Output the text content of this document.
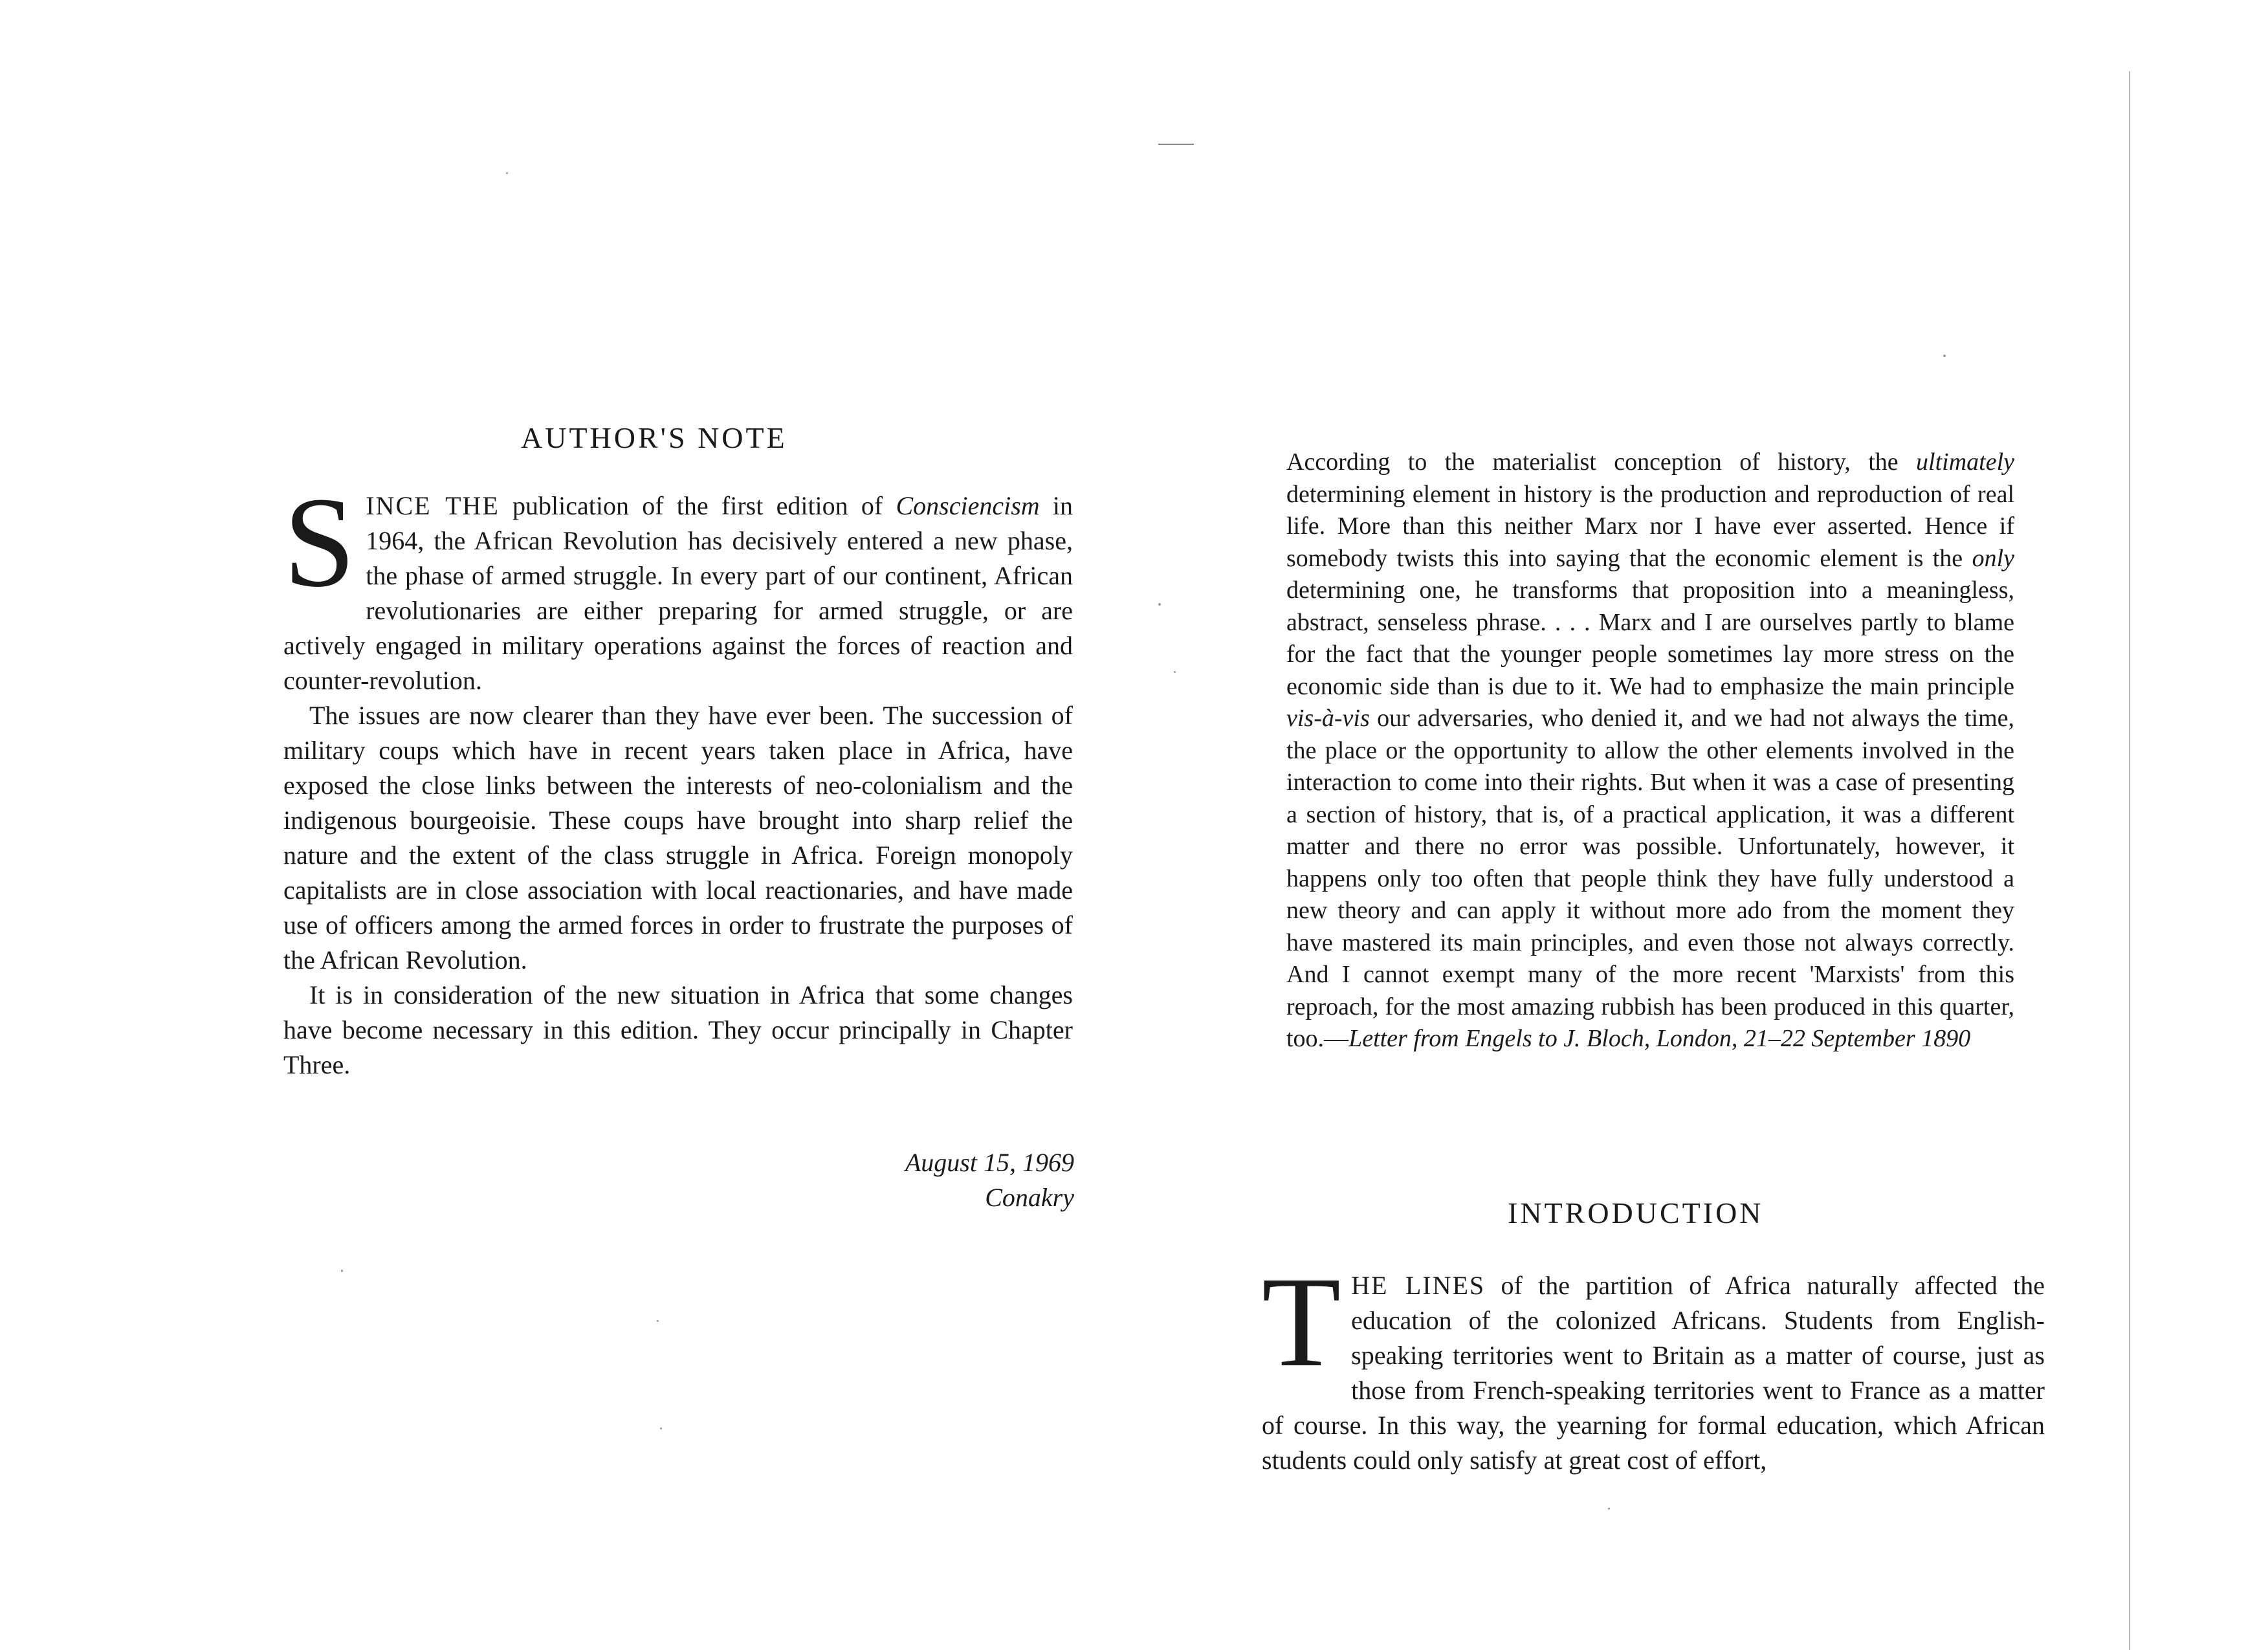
AUTHOR'S NOTE

SINCE THE publication of the first edition of Consciencism in 1964, the African Revolution has decisively entered a new phase, the phase of armed struggle. In every part of our continent, African revolutionaries are either preparing for armed struggle, or are actively engaged in military operations against the forces of reaction and counter-revolution.

The issues are now clearer than they have ever been. The succession of military coups which have in recent years taken place in Africa, have exposed the close links between the interests of neo-colonialism and the indigenous bourgeoisie. These coups have brought into sharp relief the nature and the extent of the class struggle in Africa. Foreign monopoly capitalists are in close association with local reactionaries, and have made use of officers among the armed forces in order to frustrate the purposes of the African Revolution.

It is in consideration of the new situation in Africa that some changes have become necessary in this edition. They occur principally in Chapter Three.

August 15, 1969
Conakry

According to the materialist conception of history, the ultimately determining element in history is the production and reproduction of real life. More than this neither Marx nor I have ever asserted. Hence if somebody twists this into saying that the economic element is the only determining one, he transforms that proposition into a meaningless, abstract, senseless phrase. . . . Marx and I are ourselves partly to blame for the fact that the younger people sometimes lay more stress on the economic side than is due to it. We had to emphasize the main principle vis-à-vis our adversaries, who denied it, and we had not always the time, the place or the opportunity to allow the other elements involved in the interaction to come into their rights. But when it was a case of presenting a section of history, that is, of a practical application, it was a different matter and there no error was possible. Unfortunately, however, it happens only too often that people think they have fully understood a new theory and can apply it without more ado from the moment they have mastered its main principles, and even those not always correctly. And I cannot exempt many of the more recent 'Marxists' from this reproach, for the most amazing rubbish has been produced in this quarter, too.—Letter from Engels to J. Bloch, London, 21–22 September 1890

INTRODUCTION

THE LINES of the partition of Africa naturally affected the education of the colonized Africans. Students from English-speaking territories went to Britain as a matter of course, just as those from French-speaking territories went to France as a matter of course. In this way, the yearning for formal education, which African students could only satisfy at great cost of effort,
